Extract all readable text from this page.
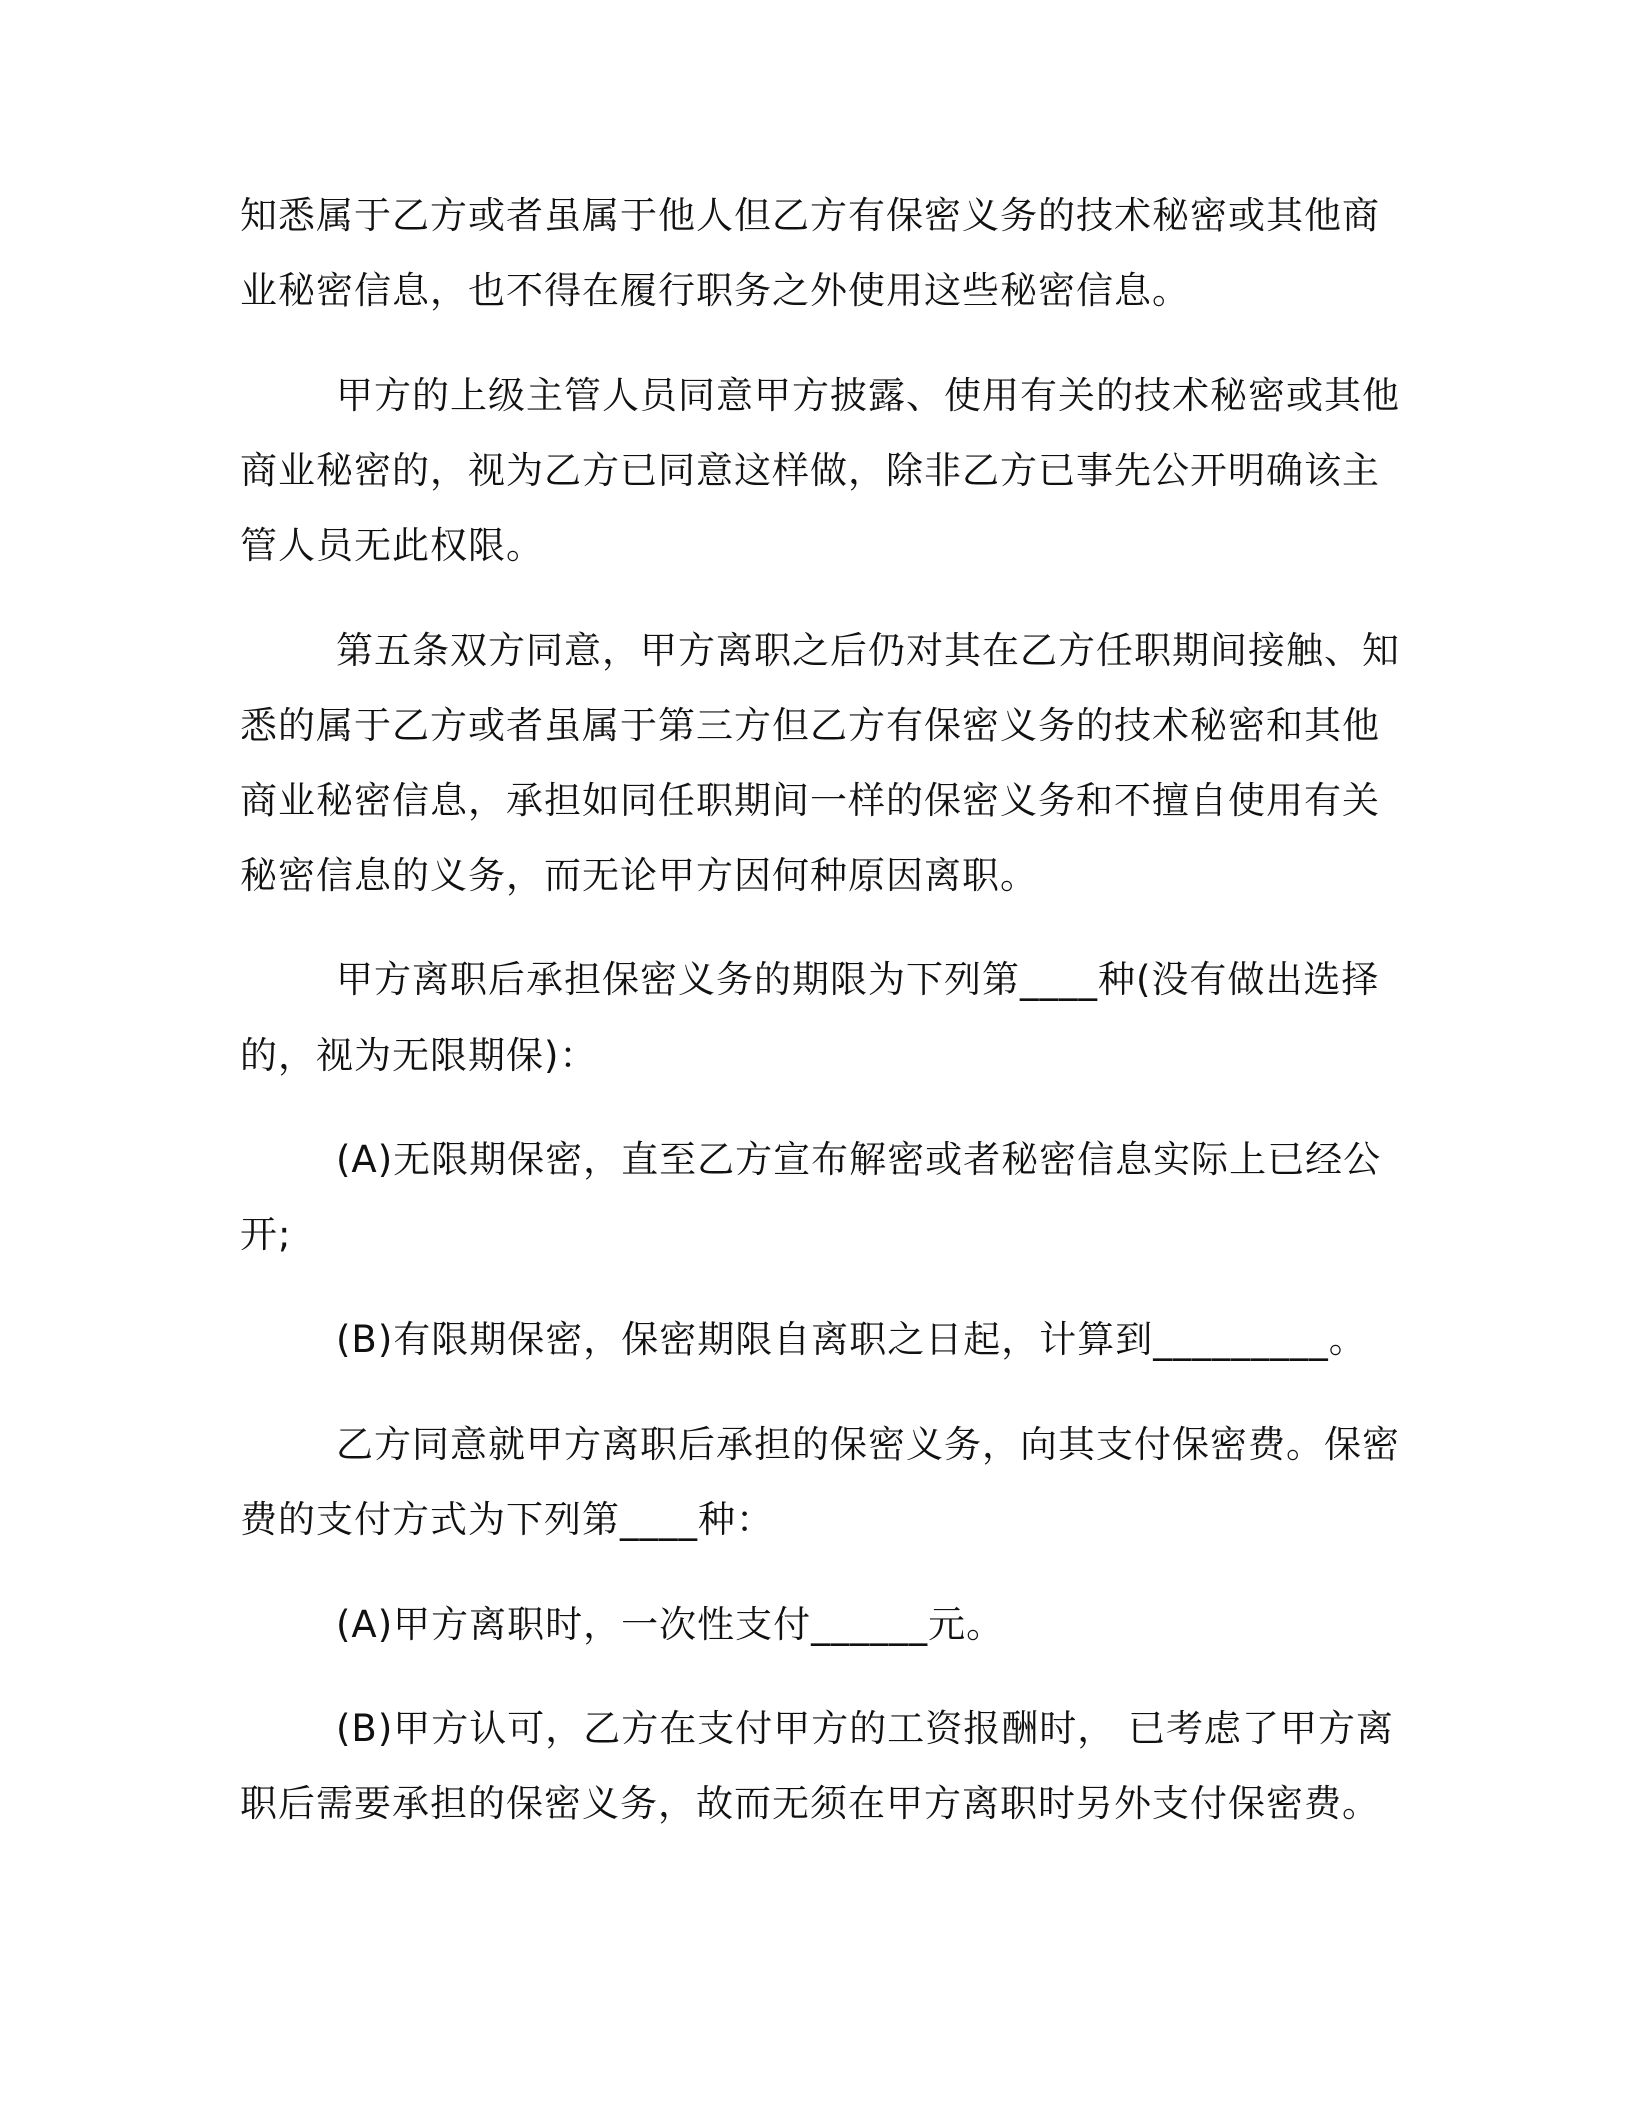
知悉属于乙方或者虽属于他人但乙方有保密义务的技术秘密或其他商
业秘密信息，也不得在履行职务之外使用这些秘密信息。
甲方的上级主管人员同意甲方披露、使用有关的技术秘密或其他
商业秘密的，视为乙方已同意这样做，除非乙方已事先公开明确该主
管人员无此权限。
第五条双方同意，甲方离职之后仍对其在乙方任职期间接触、知
悉的属于乙方或者虽属于第三方但乙方有保密义务的技术秘密和其他
商业秘密信息，承担如同任职期间一样的保密义务和不擅自使用有关
秘密信息的义务，而无论甲方因何种原因离职。
甲方离职后承担保密义务的期限为下列第____种(没有做出选择
的，视为无限期保)：
(A)无限期保密，直至乙方宣布解密或者秘密信息实际上已经公
开;
(B)有限期保密，保密期限自离职之日起，计算到_________。
乙方同意就甲方离职后承担的保密义务，向其支付保密费。保密
费的支付方式为下列第____种：
(A)甲方离职时，一次性支付______元。
(B)甲方认可，乙方在支付甲方的工资报酬时， 已考虑了甲方离
职后需要承担的保密义务，故而无须在甲方离职时另外支付保密费。
